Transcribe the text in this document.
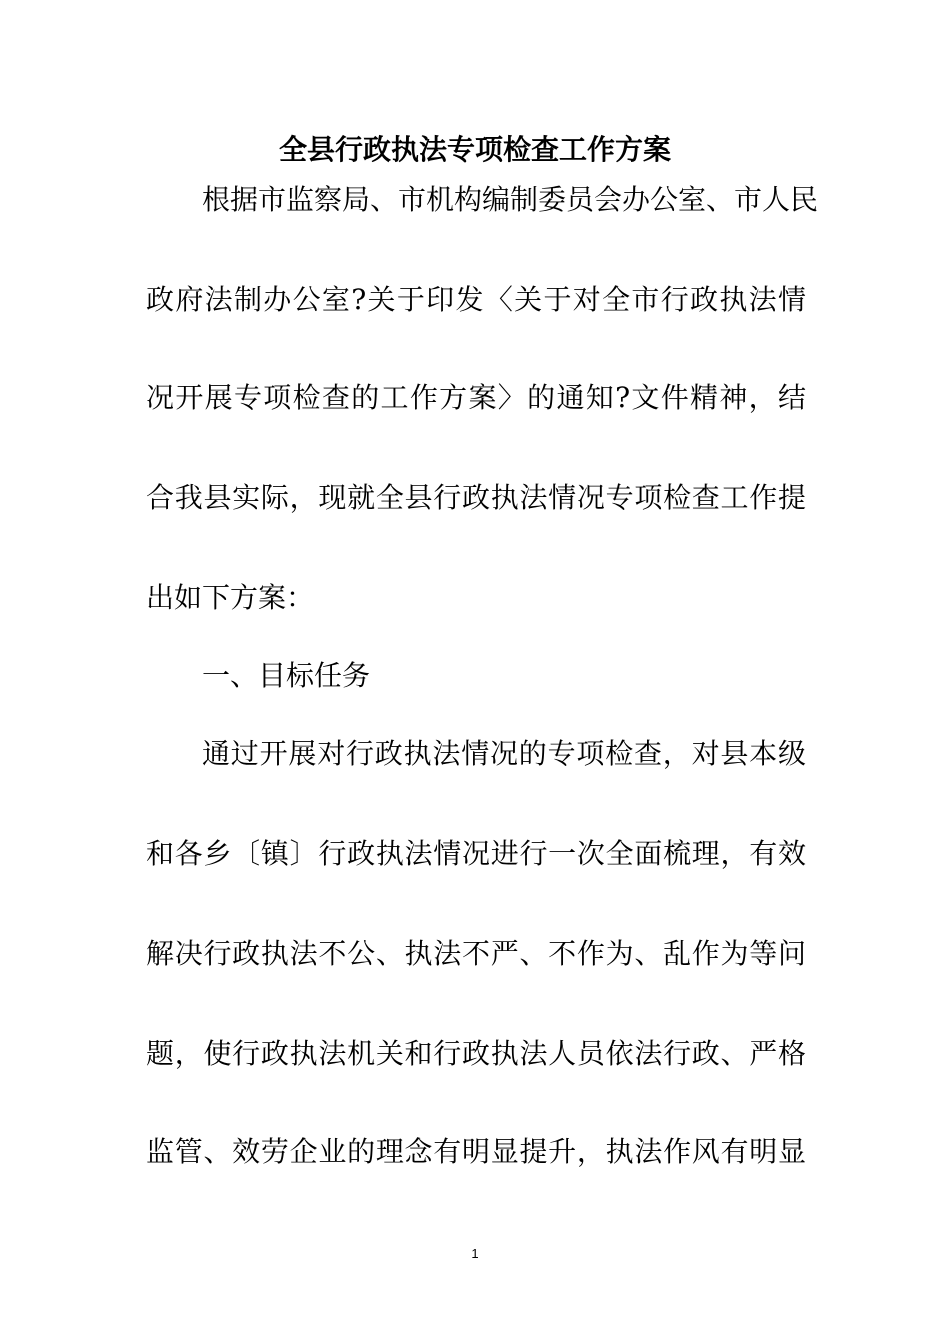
全县行政执法专项检查工作方案
根据市监察局、市机构编制委员会办公室、市人民
政府法制办公室?关于印发〈关于对全市行政执法情
况开展专项检查的工作方案〉的通知?文件精神，结
合我县实际，现就全县行政执法情况专项检查工作提
出如下方案：
一、目标任务
通过开展对行政执法情况的专项检查，对县本级
和各乡〔镇〕行政执法情况进行一次全面梳理，有效
解决行政执法不公、执法不严、不作为、乱作为等问
题，使行政执法机关和行政执法人员依法行政、严格
监管、效劳企业的理念有明显提升，执法作风有明显
1
